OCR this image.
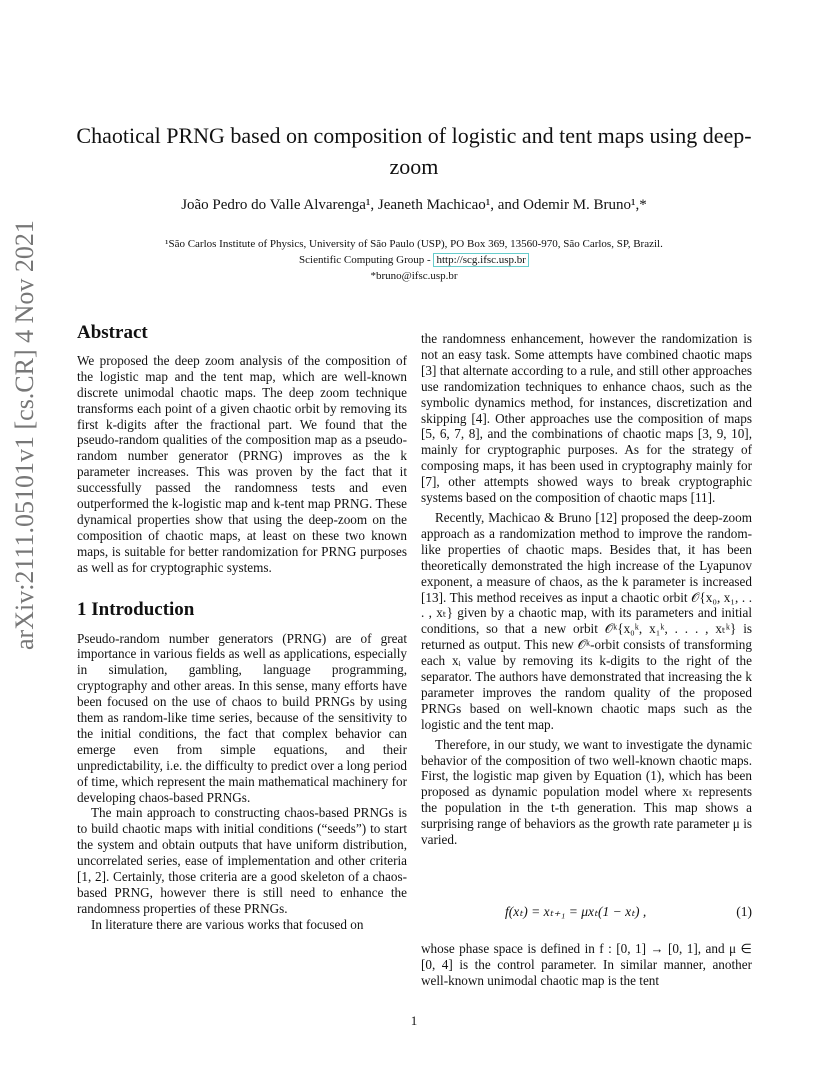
arXiv:2111.05101v1 [cs.CR] 4 Nov 2021
Chaotical PRNG based on composition of logistic and tent maps using deep-zoom
João Pedro do Valle Alvarenga¹, Jeaneth Machicao¹, and Odemir M. Bruno¹,*
¹São Carlos Institute of Physics, University of São Paulo (USP), PO Box 369, 13560-970, São Carlos, SP, Brazil.
Scientific Computing Group - http://scg.ifsc.usp.br
*bruno@ifsc.usp.br
Abstract

We proposed the deep zoom analysis of the composition of the logistic map and the tent map, which are well-known discrete unimodal chaotic maps. The deep zoom technique transforms each point of a given chaotic orbit by removing its first k-digits after the fractional part. We found that the pseudo-random qualities of the composition map as a pseudo-random number generator (PRNG) improves as the k parameter increases. This was proven by the fact that it successfully passed the randomness tests and even outperformed the k-logistic map and k-tent map PRNG. These dynamical properties show that using the deep-zoom on the composition of chaotic maps, at least on these two known maps, is suitable for better randomization for PRNG purposes as well as for cryptographic systems.

1 Introduction

Pseudo-random number generators (PRNG) are of great importance in various fields as well as applications, especially in simulation, gambling, language programming, cryptography and other areas. In this sense, many efforts have been focused on the use of chaos to build PRNGs by using them as random-like time series, because of the sensitivity to the initial conditions, the fact that complex behavior can emerge even from simple equations, and their unpredictability, i.e. the difficulty to predict over a long period of time, which represent the main mathematical machinery for developing chaos-based PRNGs.

The main approach to constructing chaos-based PRNGs is to build chaotic maps with initial conditions (“seeds”) to start the system and obtain outputs that have uniform distribution, uncorrelated series, ease of implementation and other criteria [1, 2]. Certainly, those criteria are a good skeleton of a chaos-based PRNG, however there is still need to enhance the randomness properties of these PRNGs.

In literature there are various works that focused on

the randomness enhancement, however the randomization is not an easy task. Some attempts have combined chaotic maps [3] that alternate according to a rule, and still other approaches use randomization techniques to enhance chaos, such as the symbolic dynamics method, for instances, discretization and skipping [4]. Other approaches use the composition of maps [5, 6, 7, 8], and the combinations of chaotic maps [3, 9, 10], mainly for cryptographic purposes. As for the strategy of composing maps, it has been used in cryptography mainly for [7], other attempts showed ways to break cryptographic systems based on the composition of chaotic maps [11].

Recently, Machicao & Bruno [12] proposed the deep-zoom approach as a randomization method to improve the random-like properties of chaotic maps. Besides that, it has been theoretically demonstrated the high increase of the Lyapunov exponent, a measure of chaos, as the k parameter is increased [13]. This method receives as input a chaotic orbit 𝒪{x₀, x₁, . . . , xₜ} given by a chaotic map, with its parameters and initial conditions, so that a new orbit 𝒪ᵏ{x₀ᵏ, x₁ᵏ, . . . , xₜᵏ} is returned as output. This new 𝒪ᵏ-orbit consists of transforming each xᵢ value by removing its k-digits to the right of the separator. The authors have demonstrated that increasing the k parameter improves the random quality of the proposed PRNGs based on well-known chaotic maps such as the logistic and the tent map.

Therefore, in our study, we want to investigate the dynamic behavior of the composition of two well-known chaotic maps. First, the logistic map given by Equation (1), which has been proposed as dynamic population model where xₜ represents the population in the t-th generation. This map shows a surprising range of behaviors as the growth rate parameter μ is varied.

f(xₜ) = xₜ₊₁ = μxₜ(1 − xₜ) ,	(1)

whose phase space is defined in f : [0, 1] → [0, 1], and μ ∈ [0, 4] is the control parameter. In similar manner, another well-known unimodal chaotic map is the tent

1
